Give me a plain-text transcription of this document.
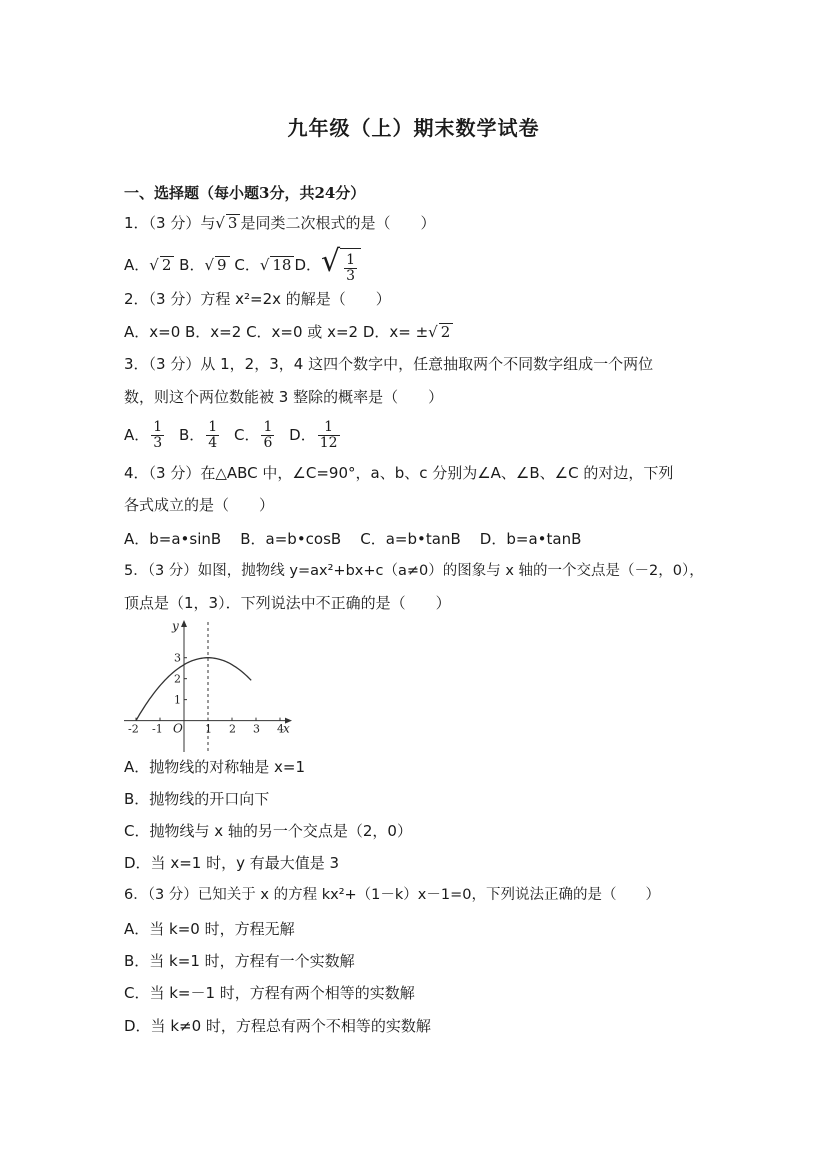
九年级（上）期末数学试卷
一、选择题（每小题3分，共24分）
1．（3 分）与√ 3 是同类二次根式的是（　　）
A．√ 2 B．√ 9 C．√ 18 D． √ $\frac{1}{3}$
2．（3 分）方程 x²=2x 的解是（　　）
A．x=0 B．x=2 C．x=0 或 x=2 D．x= ±√ 2
3．（3 分）从 1，2，3，4 这四个数字中，任意抽取两个不同数字组成一个两位
数，则这个两位数能被 3 整除的概率是（　　）
A． $\frac{1}{3}$ B． $\frac{1}{4}$ C． $\frac{1}{6}$ D． $\frac{1}{12}$
4．（3 分）在△ABC 中，∠C=90°，a、b、c 分别为∠A、∠B、∠C 的对边，下列
各式成立的是（　　）
A．b=a•sinB    B．a=b•cosB    C．a=b•tanB    D．b=a•tanB
5．（3 分）如图，抛物线 y=ax²+bx+c（a≠0）的图象与 x 轴的一个交点是（－2，0），
顶点是（1，3）．下列说法中不正确的是（　　）
-2 -1	1 2 3 4
1
2
3
x
y
O
A．抛物线的对称轴是 x=1
B．抛物线的开口向下
C．抛物线与 x 轴的另一个交点是（2，0）
D．当 x=1 时，y 有最大值是 3
6．（3 分）已知关于 x 的方程 kx²+（1－k）x－1=0，下列说法正确的是（　　）
A．当 k=0 时，方程无解
B．当 k=1 时，方程有一个实数解
C．当 k=－1 时，方程有两个相等的实数解
D．当 k≠0 时，方程总有两个不相等的实数解
